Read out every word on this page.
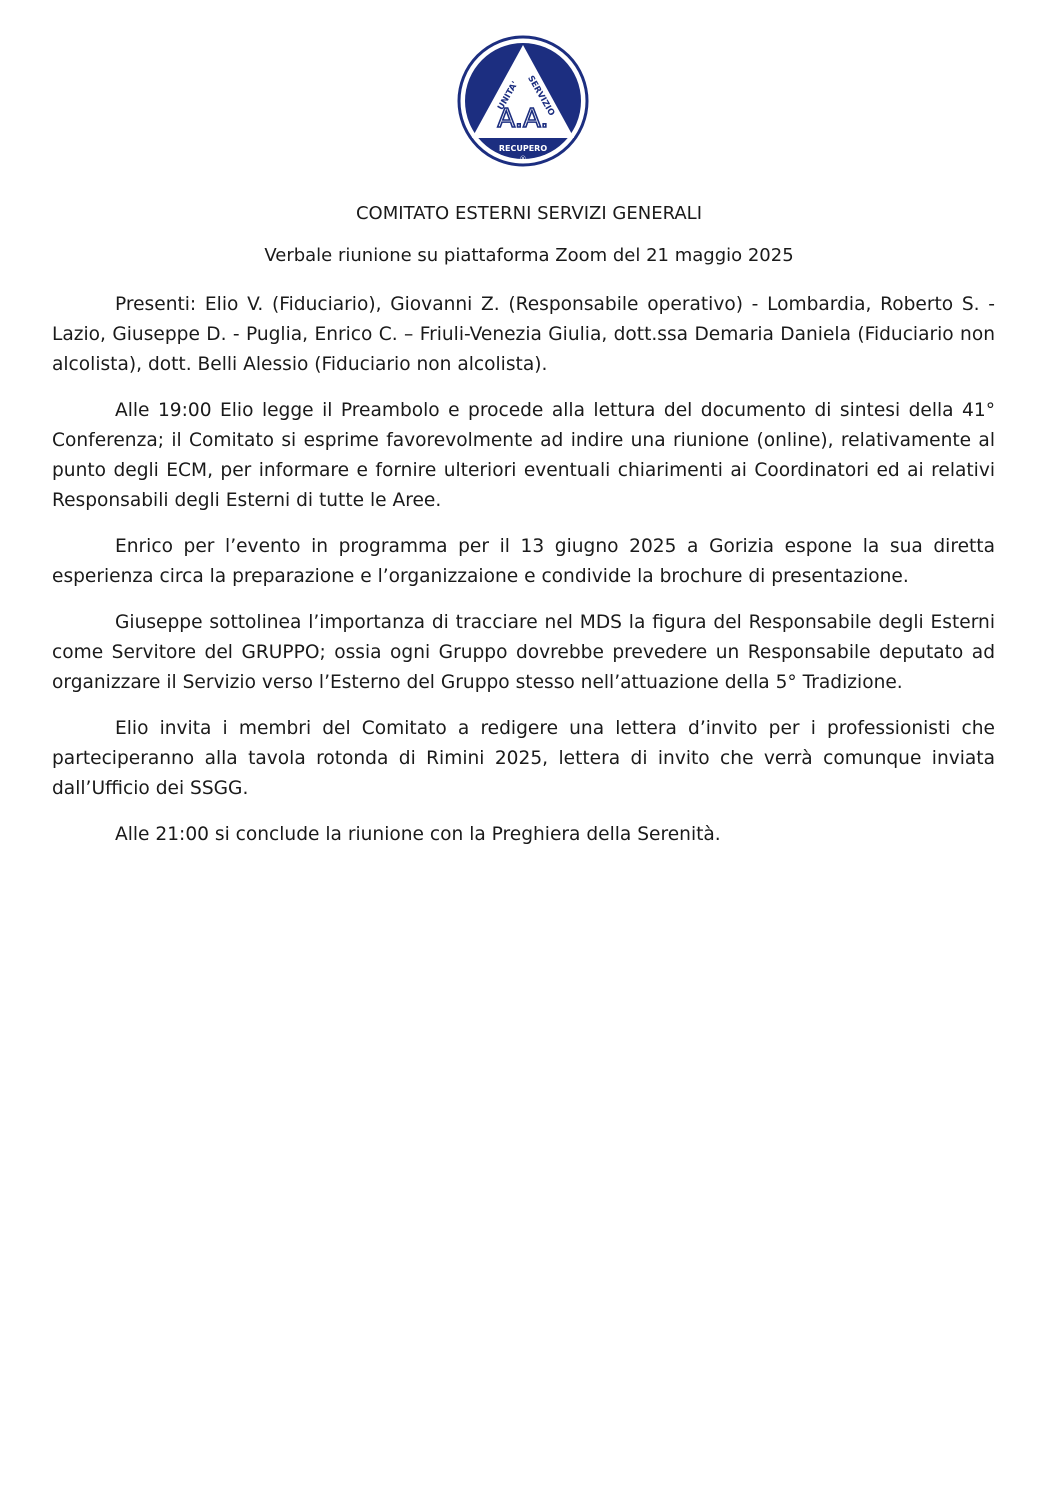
UNITA' SERVIZIO
A.A.
RECUPERO
®
COMITATO ESTERNI SERVIZI GENERALI
Verbale riunione su piattaforma Zoom del 21 maggio 2025

Presenti: Elio V. (Fiduciario), Giovanni Z. (Responsabile operativo) - Lombardia, Roberto S. - Lazio, Giuseppe D. - Puglia, Enrico C. – Friuli-Venezia Giulia, dott.ssa Demaria Daniela (Fiduciario non alcolista), dott. Belli Alessio (Fiduciario non alcolista).

Alle 19:00 Elio legge il Preambolo e procede alla lettura del documento di sintesi della 41° Conferenza; il Comitato si esprime favorevolmente ad indire una riunione (online), relativamente al punto degli ECM, per informare e fornire ulteriori eventuali chiarimenti ai Coordinatori ed ai relativi Responsabili degli Esterni di tutte le Aree.

Enrico per l’evento in programma per il 13 giugno 2025 a Gorizia espone la sua diretta esperienza circa la preparazione e l’organizzaione e condivide la brochure di presentazione.

Giuseppe sottolinea l’importanza di tracciare nel MDS la figura del Responsabile degli Esterni come Servitore del GRUPPO; ossia ogni Gruppo dovrebbe prevedere un Responsabile deputato ad organizzare il Servizio verso l’Esterno del Gruppo stesso nell’attuazione della 5° Tradizione.

Elio invita i membri del Comitato a redigere una lettera d’invito per i professionisti che parteciperanno alla tavola rotonda di Rimini 2025, lettera di invito che verrà comunque inviata dall’Ufficio dei SSGG.

Alle 21:00 si conclude la riunione con la Preghiera della Serenità.
